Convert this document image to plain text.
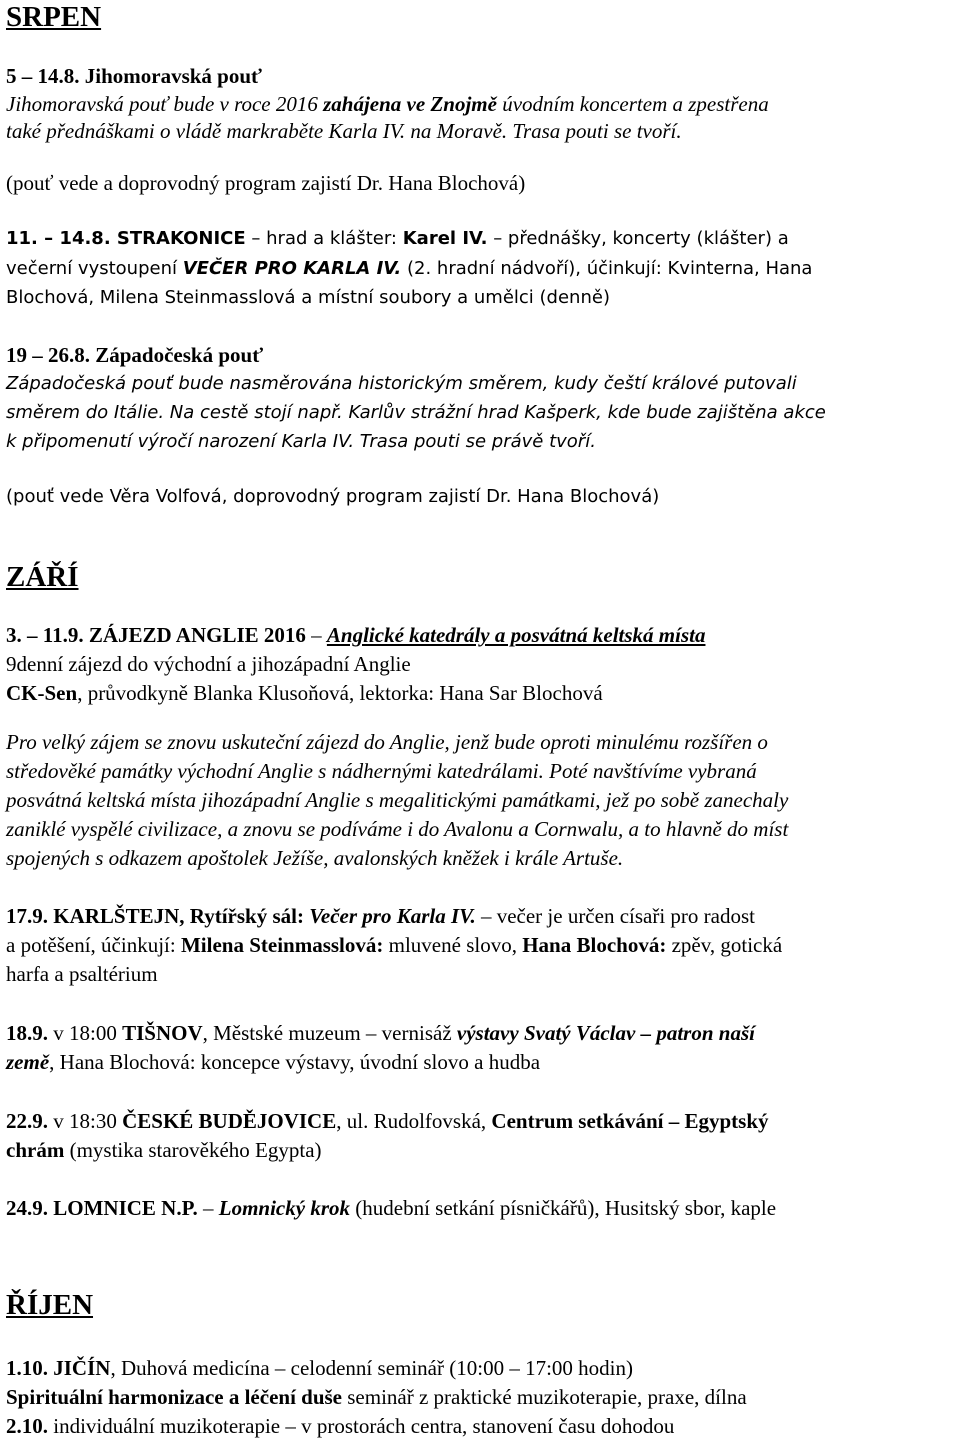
SRPEN

5 – 14.8. Jihomoravská pouť

Jihomoravská pouť bude v roce 2016 zahájena ve Znojmě úvodním koncertem a zpestřena

také přednáškami o vládě markraběte Karla IV. na Moravě. Trasa pouti se tvoří.

(pouť vede a doprovodný program zajistí Dr. Hana Blochová)

11. – 14.8. STRAKONICE – hrad a klášter: Karel IV. – přednášky, koncerty (klášter) a

večerní vystoupení VEČER PRO KARLA IV. (2. hradní nádvoří), účinkují: Kvinterna, Hana

Blochová, Milena Steinmasslová a místní soubory a umělci (denně)

19 – 26.8. Západočeská pouť

Západočeská pouť bude nasměrována historickým směrem, kudy čeští králové putovali

směrem do Itálie. Na cestě stojí např. Karlův strážní hrad Kašperk, kde bude zajištěna akce

k připomenutí výročí narození Karla IV. Trasa pouti se právě tvoří.

(pouť vede Věra Volfová, doprovodný program zajistí Dr. Hana Blochová)

ZÁŘÍ

3. – 11.9. ZÁJEZD ANGLIE 2016 – Anglické katedrály a posvátná keltská místa

9denní zájezd do východní a jihozápadní Anglie

CK-Sen, průvodkyně Blanka Klusoňová, lektorka: Hana Sar Blochová

Pro velký zájem se znovu uskuteční zájezd do Anglie, jenž bude oproti minulému rozšířen o

středověké památky východní Anglie s nádhernými katedrálami. Poté navštívíme vybraná

posvátná keltská místa jihozápadní Anglie s megalitickými památkami, jež po sobě zanechaly

zaniklé vyspělé civilizace, a znovu se podíváme i do Avalonu a Cornwalu, a to hlavně do míst

spojených s odkazem apoštolek Ježíše, avalonských kněžek i krále Artuše.

17.9. KARLŠTEJN, Rytířský sál: Večer pro Karla IV. – večer je určen císaři pro radost

a potěšení, účinkují: Milena Steinmasslová: mluvené slovo, Hana Blochová: zpěv, gotická

harfa a psaltérium

18.9. v 18:00 TIŠNOV, Městské muzeum – vernisáž výstavy Svatý Václav – patron naší

země, Hana Blochová: koncepce výstavy, úvodní slovo a hudba

22.9. v 18:30 ČESKÉ BUDĚJOVICE, ul. Rudolfovská, Centrum setkávání – Egyptský

chrám (mystika starověkého Egypta)

24.9. LOMNICE N.P. – Lomnický krok (hudební setkání písničkářů), Husitský sbor, kaple

ŘÍJEN

1.10. JIČÍN, Duhová medicína – celodenní seminář (10:00 – 17:00 hodin)

Spirituální harmonizace a léčení duše seminář z praktické muzikoterapie, praxe, dílna

2.10. individuální muzikoterapie – v prostorách centra, stanovení času dohodou
